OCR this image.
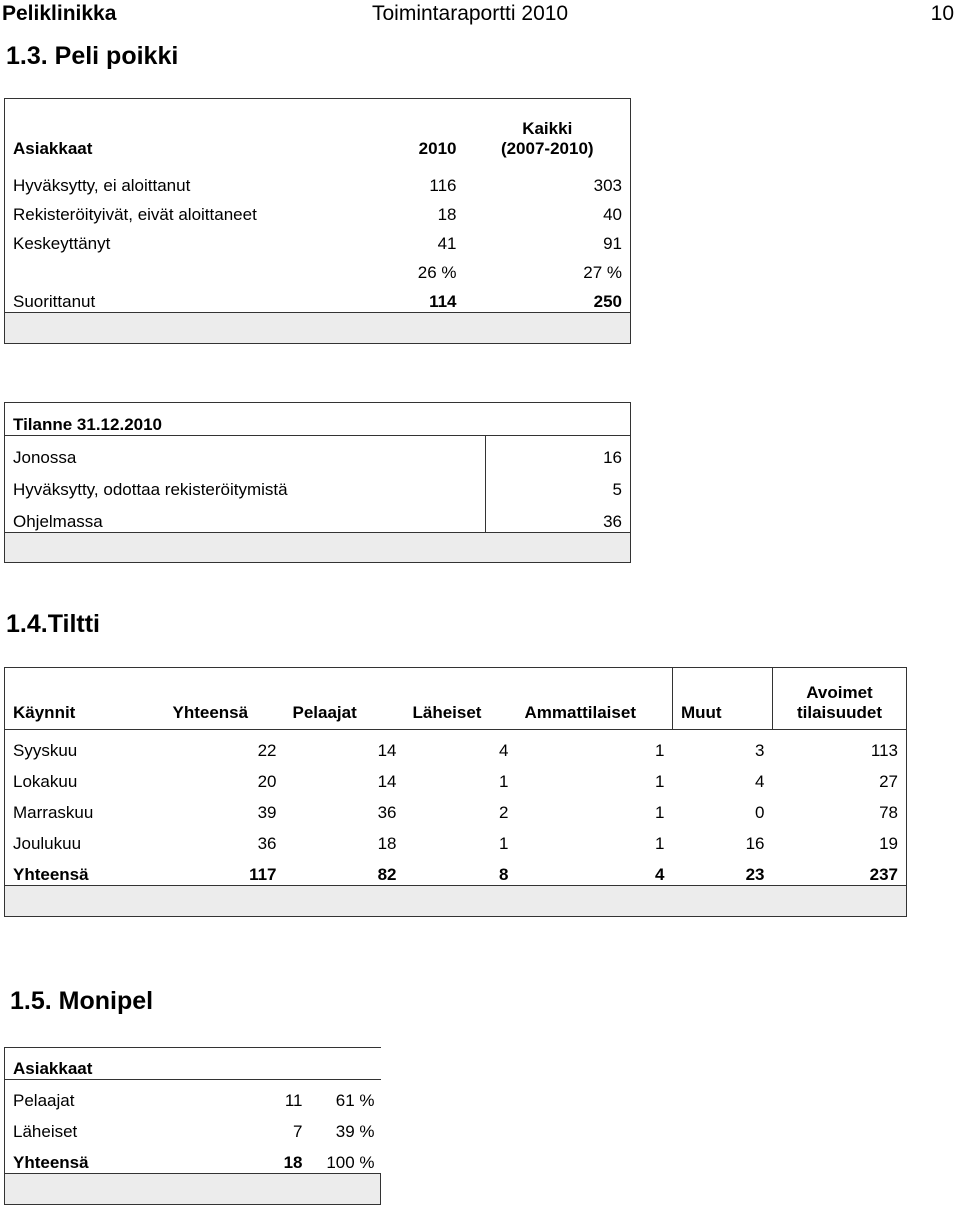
Peliklinikka	Toimintaraportti 2010	10
1.3. Peli poikki
Asiakkaat	2010	Kaikki
(2007-2010)

Hyväksytty, ei aloittanut	116	303
Rekisteröityivät, eivät aloittaneet	18	40
Keskeyttänyt	41	91
	26 %	27 %
Suorittanut	114	250

Tilanne 31.12.2010	
Jonossa	16
Hyväksytty, odottaa rekisteröitymistä	5
Ohjelmassa	36

1.4.Tiltti
Käynnit	Yhteensä	Pelaajat	Läheiset	Ammattilaiset	Muut	Avoimet
tilaisuudet

Syyskuu	22	14	4	1	3	113
Lokakuu	20	14	1	1	4	27
Marraskuu	39	36	2	1	0	78
Joulukuu	36	18	1	1	16	19
Yhteensä	117	82	8	4	23	237

1.5. Monipel
Asiakkaat		
Pelaajat	11	61 %
Läheiset	7	39 %
Yhteensä	18	100 %
